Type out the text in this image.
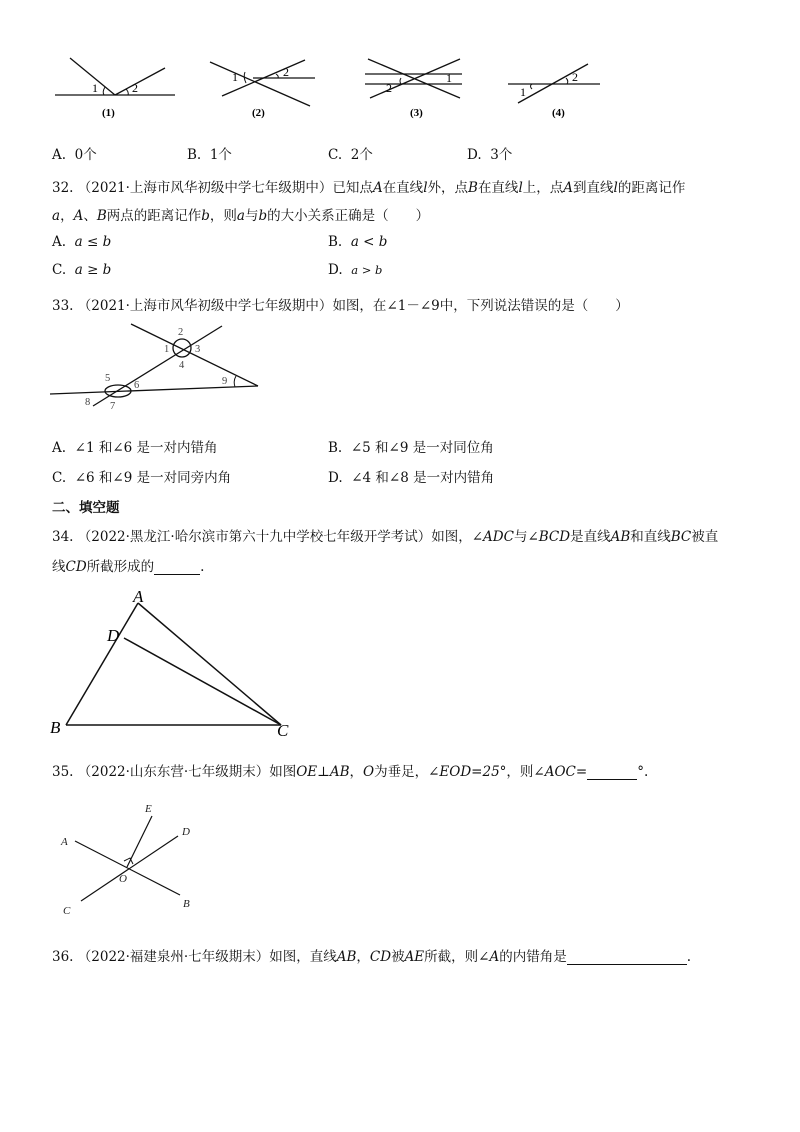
1	2
(1)
1	2
(2)
2
1
(3)
1
2
(4)
A. 0个	B. 1个	C. 2个	D. 3个
32. （2021·上海市风华初级中学七年级期中）已知点A在直线l外，点B在直线l上，点A到直线l的距离记作
a，A、B两点的距离记作b，则a与b的大小关系正确是（　　）
A. a ≤ b	B. a < b
C. a ≥ b	D. a > b
33. （2021·上海市风华初级中学七年级期中）如图，在∠1－∠9中，下列说法错误的是（　　）
1
2
3
4
5
6
7
8
9
A. ∠1 和∠6 是一对内错角	B. ∠5 和∠9 是一对同位角
C. ∠6 和∠9 是一对同旁内角	D. ∠4 和∠8 是一对内错角
二、填空题
34. （2022·黑龙江·哈尔滨市第六十九中学校七年级开学考试）如图，∠ADC与∠BCD是直线AB和直线BC被直
线CD所截形成的	.
A
D
B	C
35. （2022·山东东营·七年级期末）如图OE⊥AB，O为垂足，∠EOD=25°，则∠AOC=	°.
E
D
A
O
C
B
36. （2022·福建泉州·七年级期末）如图，直线AB，CD被AE所截，则∠A的内错角是	.
